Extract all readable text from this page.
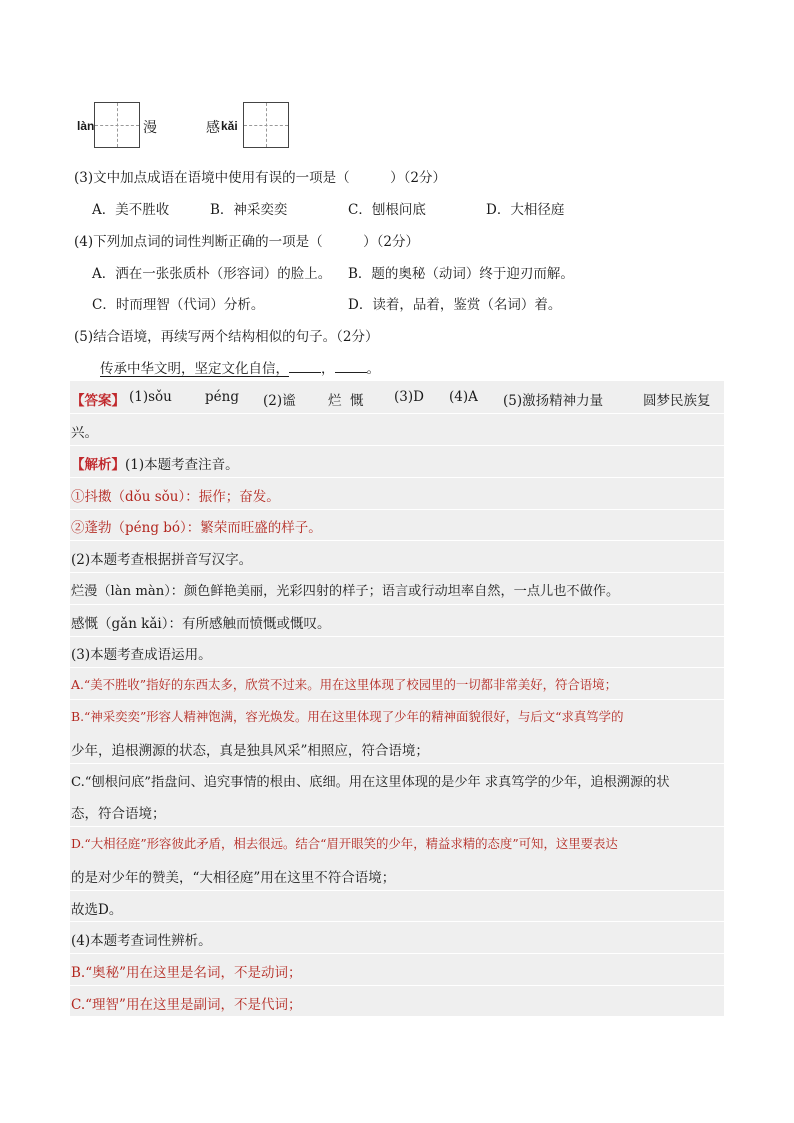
làn	漫	感 kǎi
(3)文中加点成语在语境中使用有误的一项是（　　　）（2分）
A．美不胜收	B．神采奕奕	C．刨根问底	D．大相径庭
(4)下列加点词的词性判断正确的一项是（　　　）（2分）
A．洒在一张张质朴（形容词）的脸上。 B．题的奥秘（动词）终于迎刃而解。
C．时而理智（代词）分析。	D．读着，品着，鉴赏（名词）着。
(5)结合语境，再续写两个结构相似的句子。（2分）
传承中华文明，坚定文化自信， ， 。
【答案】 (1)sǒu péng (2)谧 烂 慨 (3)D (4)A (5)激扬精神力量	圆梦民族复
兴。
【解析】(1)本题考查注音。
①抖擞（dǒu sǒu）：振作；奋发。
②蓬勃（péng bó）：繁荣而旺盛的样子。
(2)本题考查根据拼音写汉字。
烂漫（làn màn）：颜色鲜艳美丽，光彩四射的样子；语言或行动坦率自然，一点儿也不做作。
感慨（gǎn kǎi）：有所感触而愤慨或慨叹。
(3)本题考查成语运用。
A.“美不胜收”指好的东西太多，欣赏不过来。用在这里体现了校园里的一切都非常美好，符合语境；
B.“神采奕奕”形容人精神饱满，容光焕发。用在这里体现了少年的精神面貌很好，与后文“求真笃学的
少年，追根溯源的状态，真是独具风采”相照应，符合语境；
C.“刨根问底”指盘问、追究事情的根由、底细。用在这里体现的是少年 求真笃学的少年，追根溯源的状
态，符合语境；
D.“大相径庭”形容彼此矛盾，相去很远。结合“眉开眼笑的少年，精益求精的态度”可知，这里要表达
的是对少年的赞美，“大相径庭”用在这里不符合语境；
故选D。
(4)本题考查词性辨析。
B.“奥秘”用在这里是名词，不是动词；
C.“理智”用在这里是副词，不是代词；
